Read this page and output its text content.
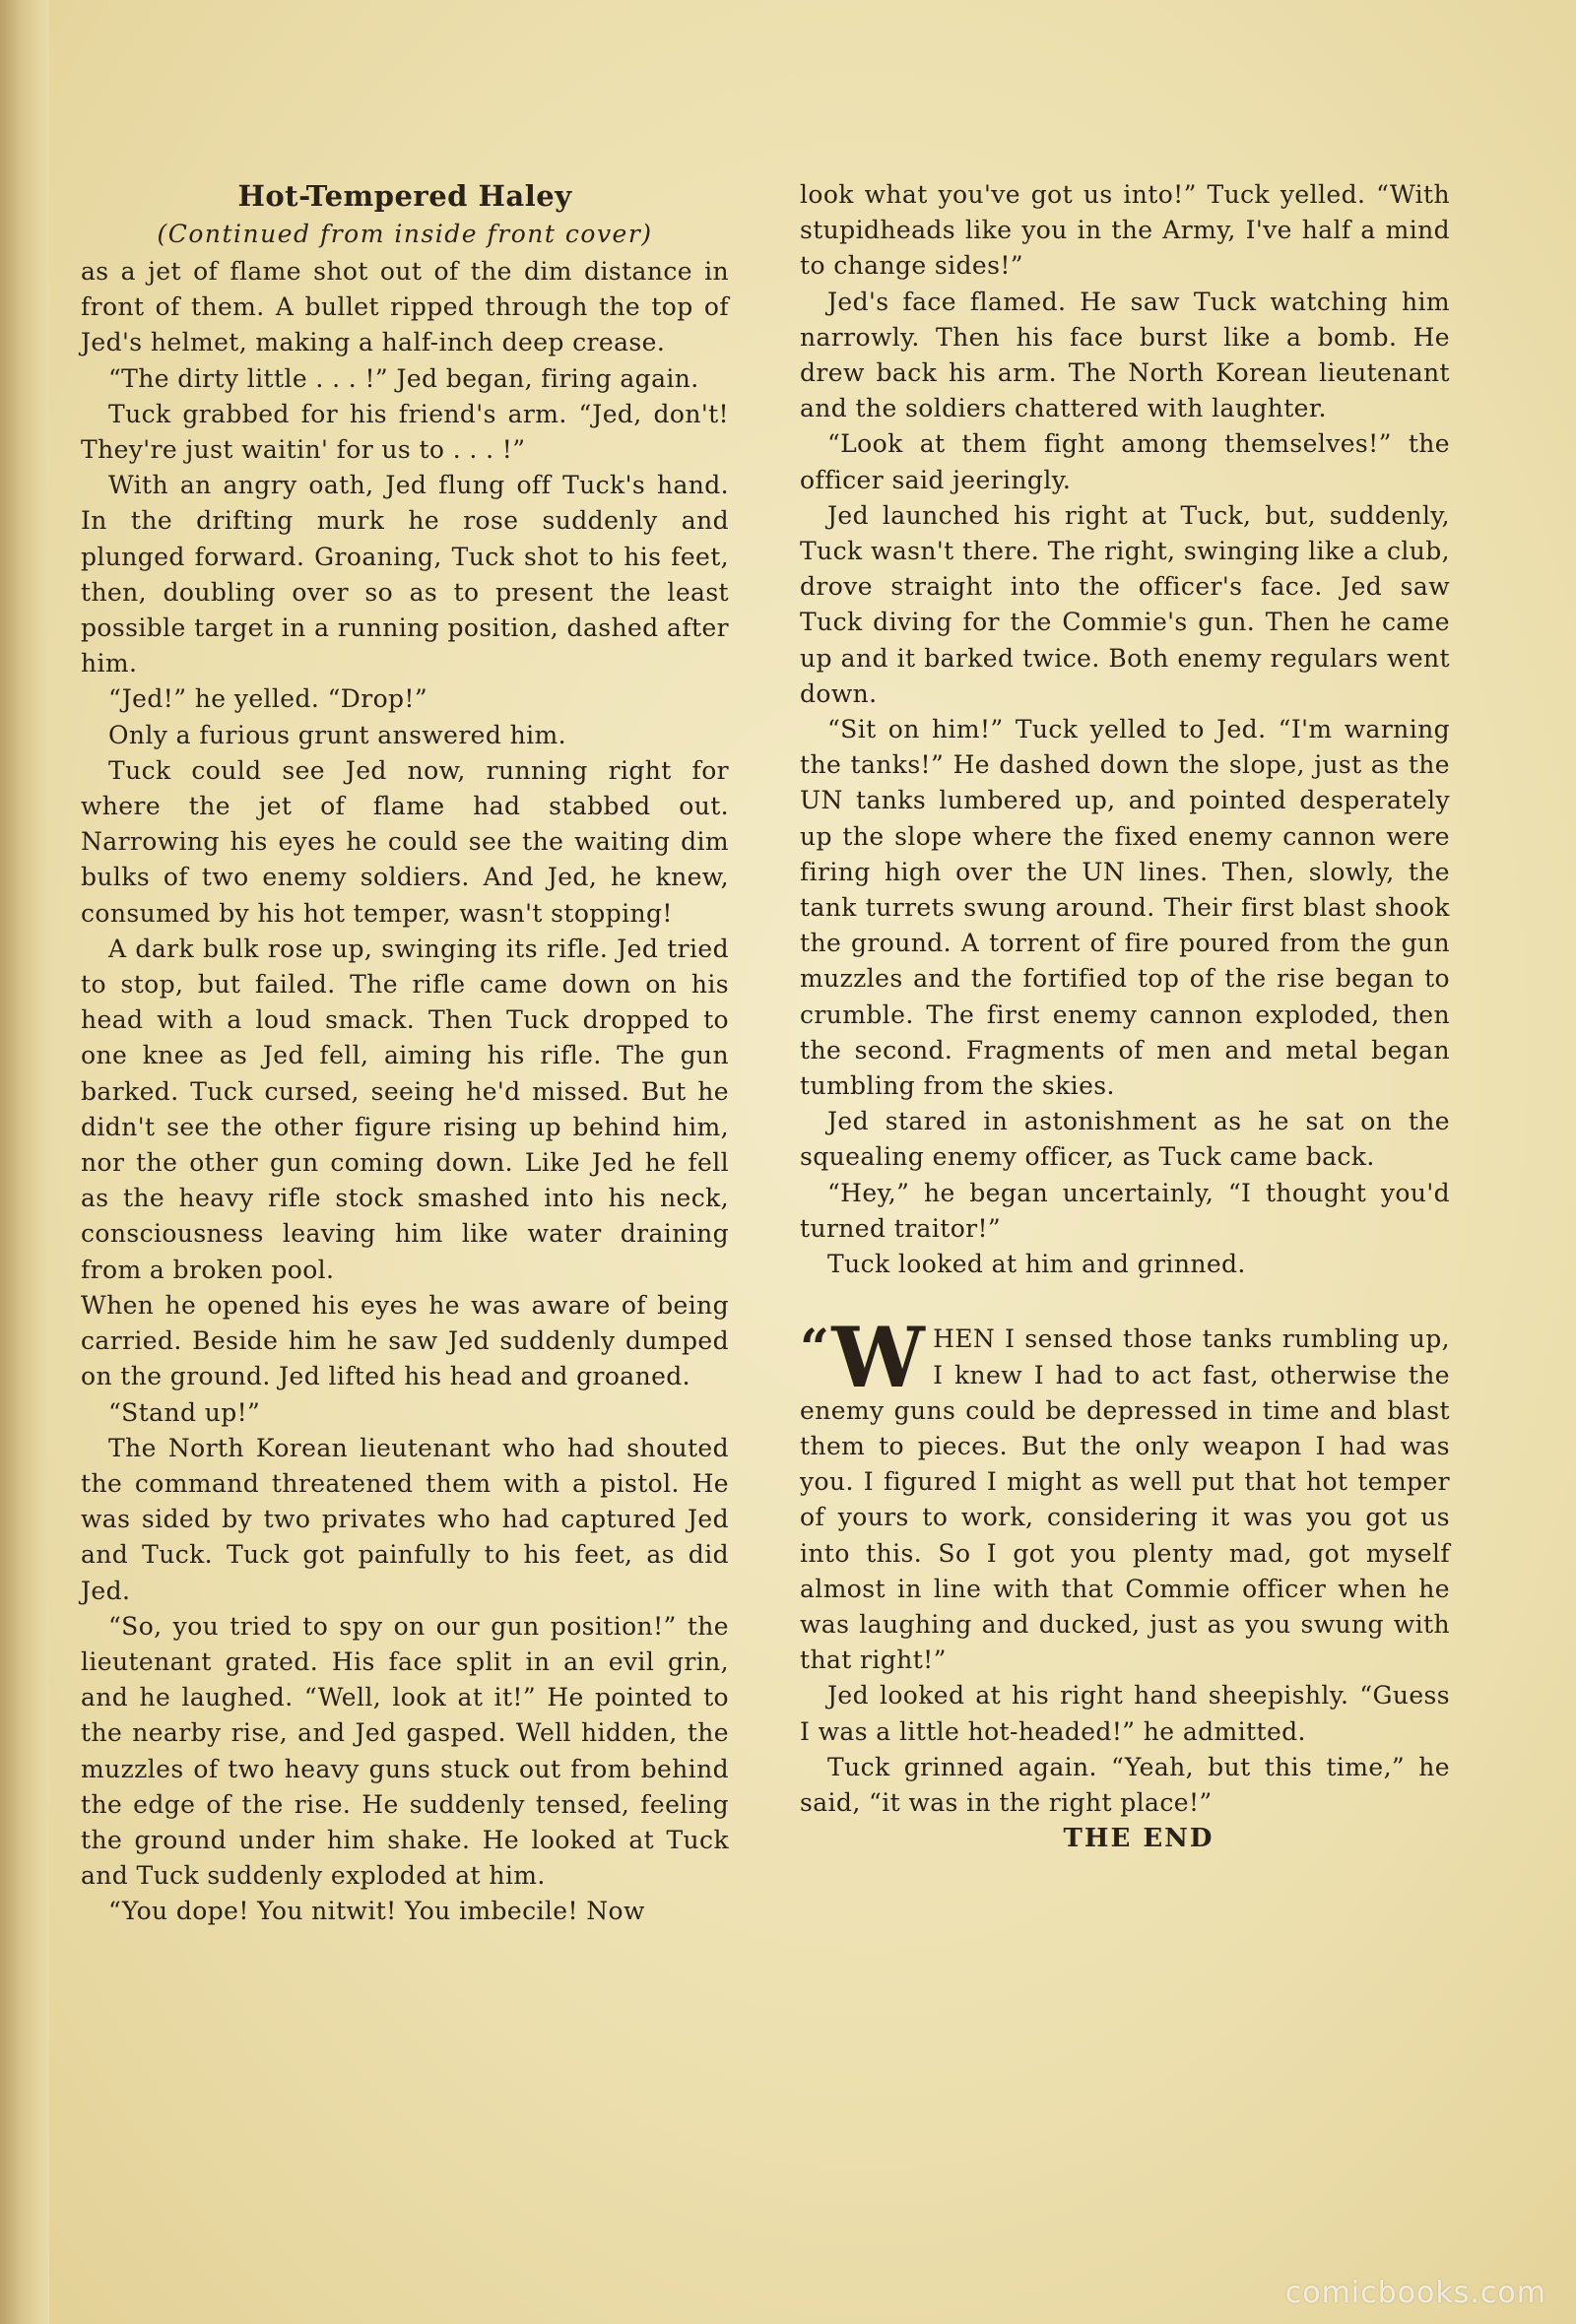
Hot-Tempered Haley
(Continued from inside front cover)

as a jet of flame shot out of the dim distance in front of them. A bullet ripped through the top of Jed's helmet, making a half-inch deep crease.

“The dirty little . . . !” Jed began, firing again.

Tuck grabbed for his friend's arm. “Jed, don't! They're just waitin' for us to . . . !”

With an angry oath, Jed flung off Tuck's hand. In the drifting murk he rose suddenly and plunged forward. Groaning, Tuck shot to his feet, then, doubling over so as to present the least possible target in a running position, dashed after him.

“Jed!” he yelled. “Drop!”

Only a furious grunt answered him.

Tuck could see Jed now, running right for where the jet of flame had stabbed out. Narrowing his eyes he could see the waiting dim bulks of two enemy soldiers. And Jed, he knew, consumed by his hot temper, wasn't stopping!

A dark bulk rose up, swinging its rifle. Jed tried to stop, but failed. The rifle came down on his head with a loud smack. Then Tuck dropped to one knee as Jed fell, aiming his rifle. The gun barked. Tuck cursed, seeing he'd missed. But he didn't see the other figure rising up behind him, nor the other gun coming down. Like Jed he fell as the heavy rifle stock smashed into his neck, consciousness leaving him like water draining from a broken pool.

When he opened his eyes he was aware of being carried. Beside him he saw Jed suddenly dumped on the ground. Jed lifted his head and groaned.

“Stand up!”

The North Korean lieutenant who had shouted the command threatened them with a pistol. He was sided by two privates who had captured Jed and Tuck. Tuck got painfully to his feet, as did Jed.

“So, you tried to spy on our gun position!” the lieutenant grated. His face split in an evil grin, and he laughed. “Well, look at it!” He pointed to the nearby rise, and Jed gasped. Well hidden, the muzzles of two heavy guns stuck out from behind the edge of the rise. He suddenly tensed, feeling the ground under him shake. He looked at Tuck and Tuck suddenly exploded at him.

“You dope! You nitwit! You imbecile! Now

look what you've got us into!” Tuck yelled. “With stupidheads like you in the Army, I've half a mind to change sides!”

Jed's face flamed. He saw Tuck watching him narrowly. Then his face burst like a bomb. He drew back his arm. The North Korean lieutenant and the soldiers chattered with laughter.

“Look at them fight among themselves!” the officer said jeeringly.

Jed launched his right at Tuck, but, suddenly, Tuck wasn't there. The right, swinging like a club, drove straight into the officer's face. Jed saw Tuck diving for the Commie's gun. Then he came up and it barked twice. Both enemy regulars went down.

“Sit on him!” Tuck yelled to Jed. “I'm warning the tanks!” He dashed down the slope, just as the UN tanks lumbered up, and pointed desperately up the slope where the fixed enemy cannon were firing high over the UN lines. Then, slowly, the tank turrets swung around. Their first blast shook the ground. A torrent of fire poured from the gun muzzles and the fortified top of the rise began to crumble. The first enemy cannon exploded, then the second. Fragments of men and metal began tumbling from the skies.

Jed stared in astonishment as he sat on the squealing enemy officer, as Tuck came back.

“Hey,” he began uncertainly, “I thought you'd turned traitor!”

Tuck looked at him and grinned.

“ W HEN I sensed those tanks rumbling up, I knew I had to act fast, otherwise the enemy guns could be depressed in time and blast them to pieces. But the only weapon I had was you. I figured I might as well put that hot temper of yours to work, considering it was you got us into this. So I got you plenty mad, got myself almost in line with that Commie officer when he was laughing and ducked, just as you swung with that right!”

Jed looked at his right hand sheepishly. “Guess I was a little hot-headed!” he admitted.

Tuck grinned again. “Yeah, but this time,” he said, “it was in the right place!”

THE END

comicbooks.com
